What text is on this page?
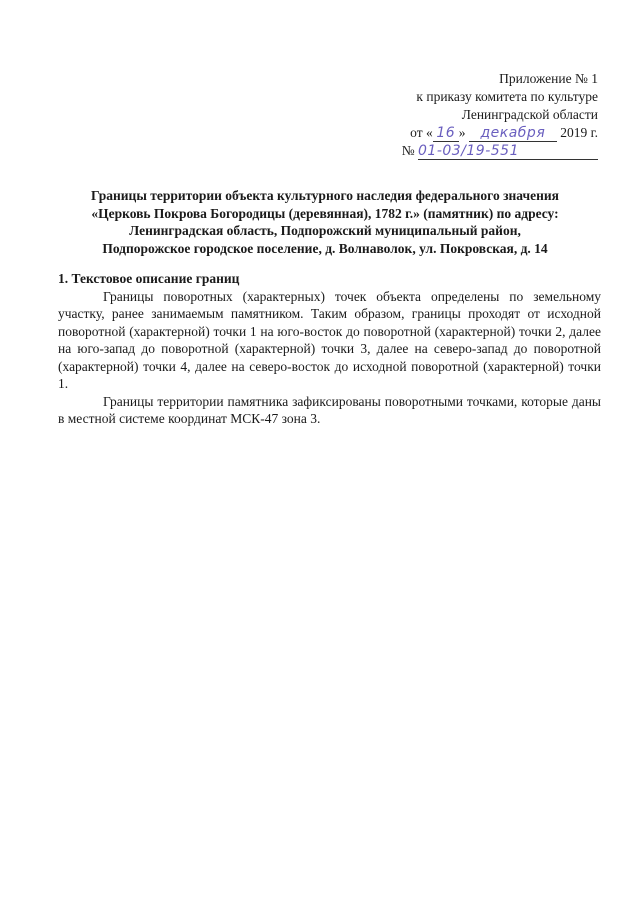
Приложение № 1
к приказу комитета по культуре
Ленинградской области
от « 16 » декабря 2019 г.
№ 01-03/19-551
Границы территории объекта культурного наследия федерального значения
«Церковь Покрова Богородицы (деревянная), 1782 г.» (памятник) по адресу:
Ленинградская область, Подпорожский муниципальный район,
Подпорожское городское поселение, д. Волнаволок, ул. Покровская, д. 14

1. Текстовое описание границ

Границы поворотных (характерных) точек объекта определены по земельному участку, ранее занимаемым памятником. Таким образом, границы проходят от исходной поворотной (характерной) точки 1 на юго-восток до поворотной (характерной) точки 2, далее на юго-запад до поворотной (характерной) точки 3, далее на северо-запад до поворотной (характерной) точки 4, далее на северо-восток до исходной поворотной (характерной) точки 1.

Границы территории памятника зафиксированы поворотными точками, которые даны в местной системе координат МСК-47 зона 3.
